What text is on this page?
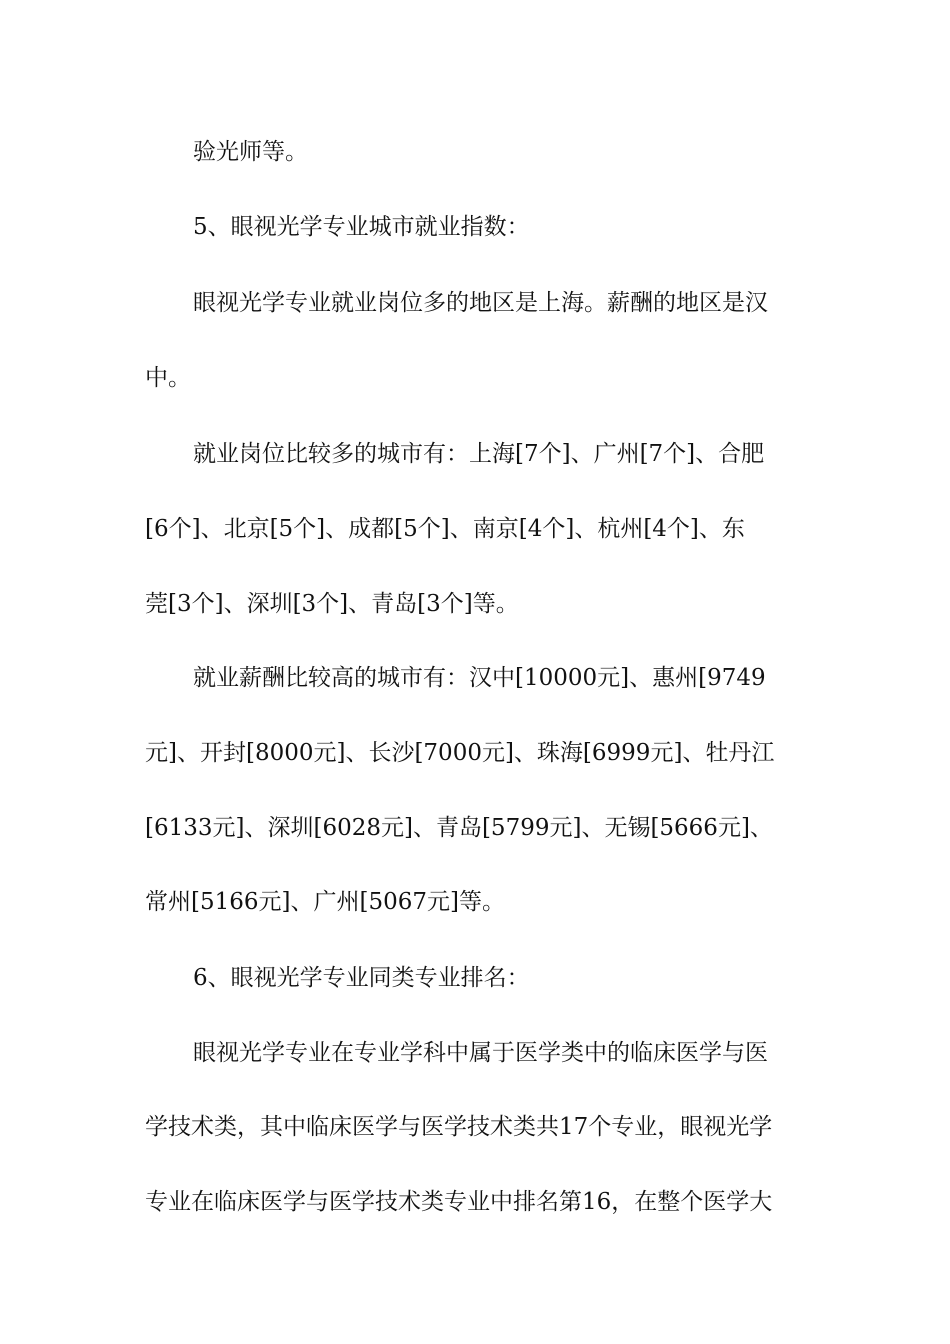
验光师等。
5、眼视光学专业城市就业指数：
眼视光学专业就业岗位多的地区是上海。薪酬的地区是汉
中。
就业岗位比较多的城市有：上海[7个]、广州[7个]、合肥
[6个]、北京[5个]、成都[5个]、南京[4个]、杭州[4个]、东
莞[3个]、深圳[3个]、青岛[3个]等。
就业薪酬比较高的城市有：汉中[10000元]、惠州[9749
元]、开封[8000元]、长沙[7000元]、珠海[6999元]、牡丹江
[6133元]、深圳[6028元]、青岛[5799元]、无锡[5666元]、
常州[5166元]、广州[5067元]等。
6、眼视光学专业同类专业排名：
眼视光学专业在专业学科中属于医学类中的临床医学与医
学技术类，其中临床医学与医学技术类共17个专业，眼视光学
专业在临床医学与医学技术类专业中排名第16，在整个医学大
